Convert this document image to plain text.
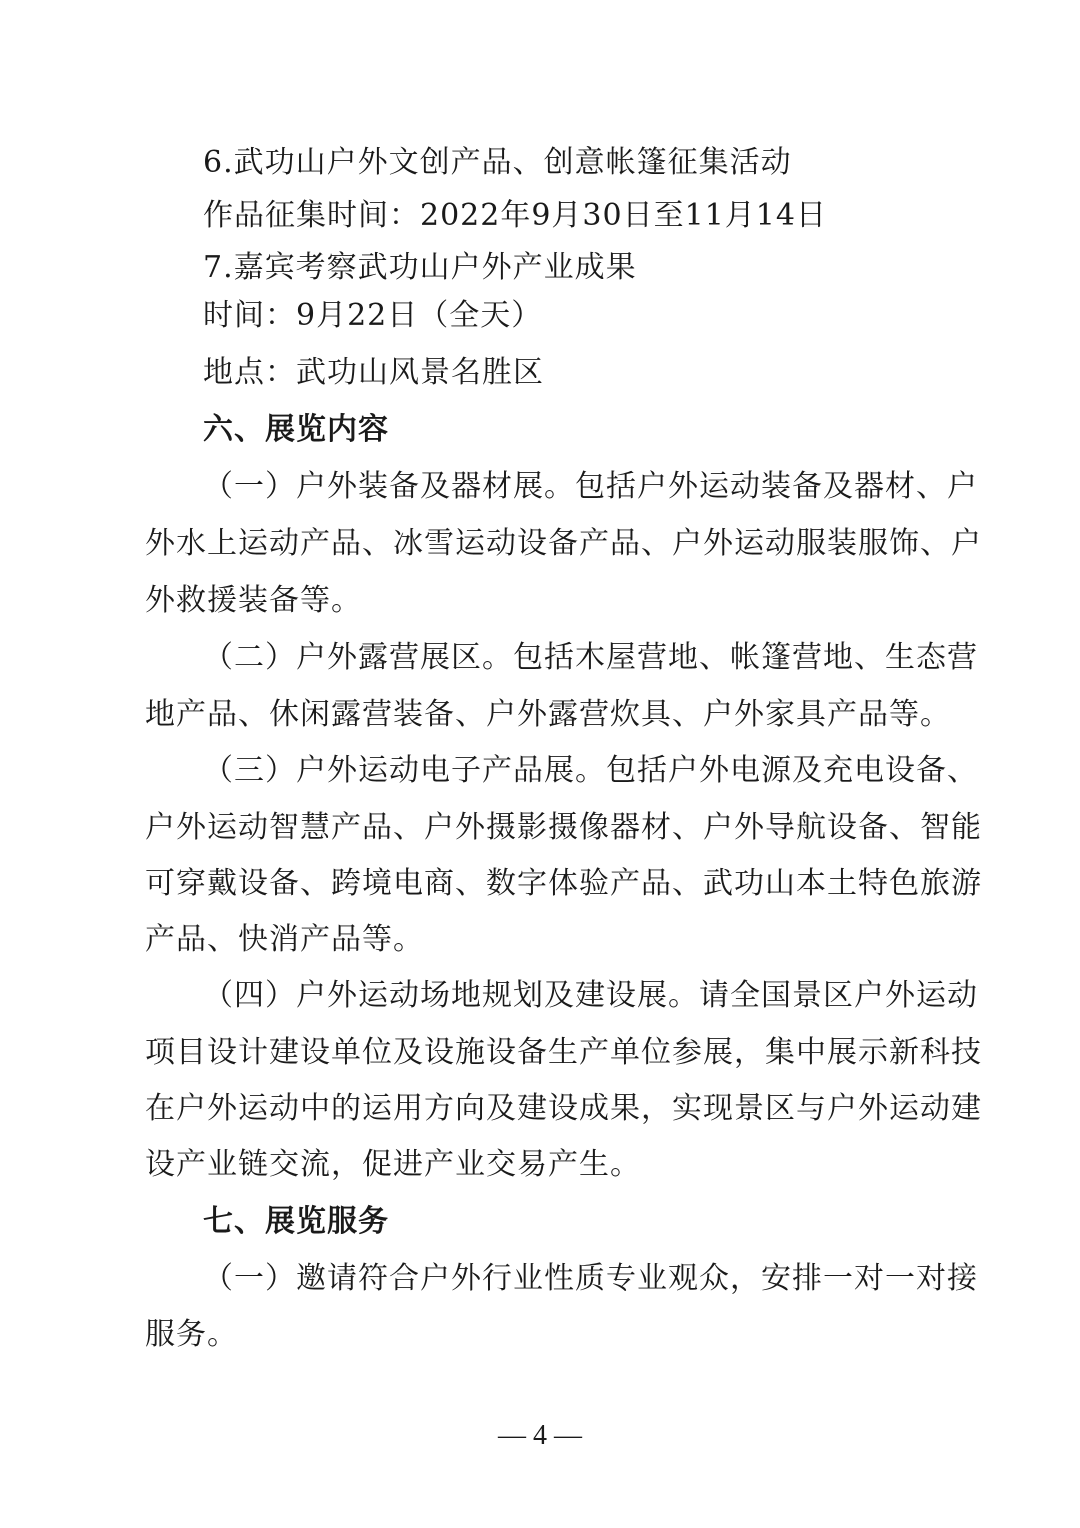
6.武功山户外文创产品、创意帐篷征集活动
作品征集时间：2022年9月30日至11月14日
7.嘉宾考察武功山户外产业成果
时间：9月22日（全天）
地点：武功山风景名胜区
六、展览内容
（一）户外装备及器材展。包括户外运动装备及器材、户
外水上运动产品、冰雪运动设备产品、户外运动服装服饰、户
外救援装备等。
（二）户外露营展区。包括木屋营地、帐篷营地、生态营
地产品、休闲露营装备、户外露营炊具、户外家具产品等。
（三）户外运动电子产品展。包括户外电源及充电设备、
户外运动智慧产品、户外摄影摄像器材、户外导航设备、智能
可穿戴设备、跨境电商、数字体验产品、武功山本土特色旅游
产品、快消产品等。
（四）户外运动场地规划及建设展。请全国景区户外运动
项目设计建设单位及设施设备生产单位参展，集中展示新科技
在户外运动中的运用方向及建设成果，实现景区与户外运动建
设产业链交流，促进产业交易产生。
七、展览服务
（一）邀请符合户外行业性质专业观众，安排一对一对接
服务。
— 4 —
